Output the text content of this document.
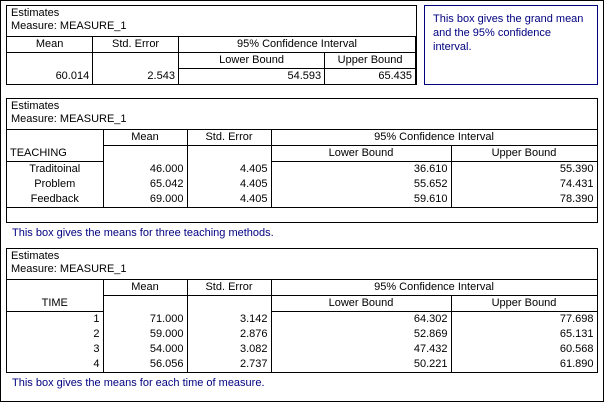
Estimates
Measure: MEASURE_1
Mean	Std. Error	95% Confidence Interval	
		Lower Bound	Upper Bound
60.014	2.543	54.593	65.435
This box gives the grand mean and the 95% confidence interval.
Estimates
Measure: MEASURE_1
	Mean	Std. Error	95% Confidence Interval	
TEACHING			Lower Bound	Upper Bound
Traditoinal	46.000	4.405	36.610	55.390
Problem	65.042	4.405	55.652	74.431
Feedback	69.000	4.405	59.610	78.390
This box gives the means for three teaching methods.
Estimates
Measure: MEASURE_1
	Mean	Std. Error	95% Confidence Interval	
TIME			Lower Bound	Upper Bound
1	71.000	3.142	64.302	77.698
2	59.000	2.876	52.869	65.131
3	54.000	3.082	47.432	60.568
4	56.056	2.737	50.221	61.890
This box gives the means for each time of measure.
